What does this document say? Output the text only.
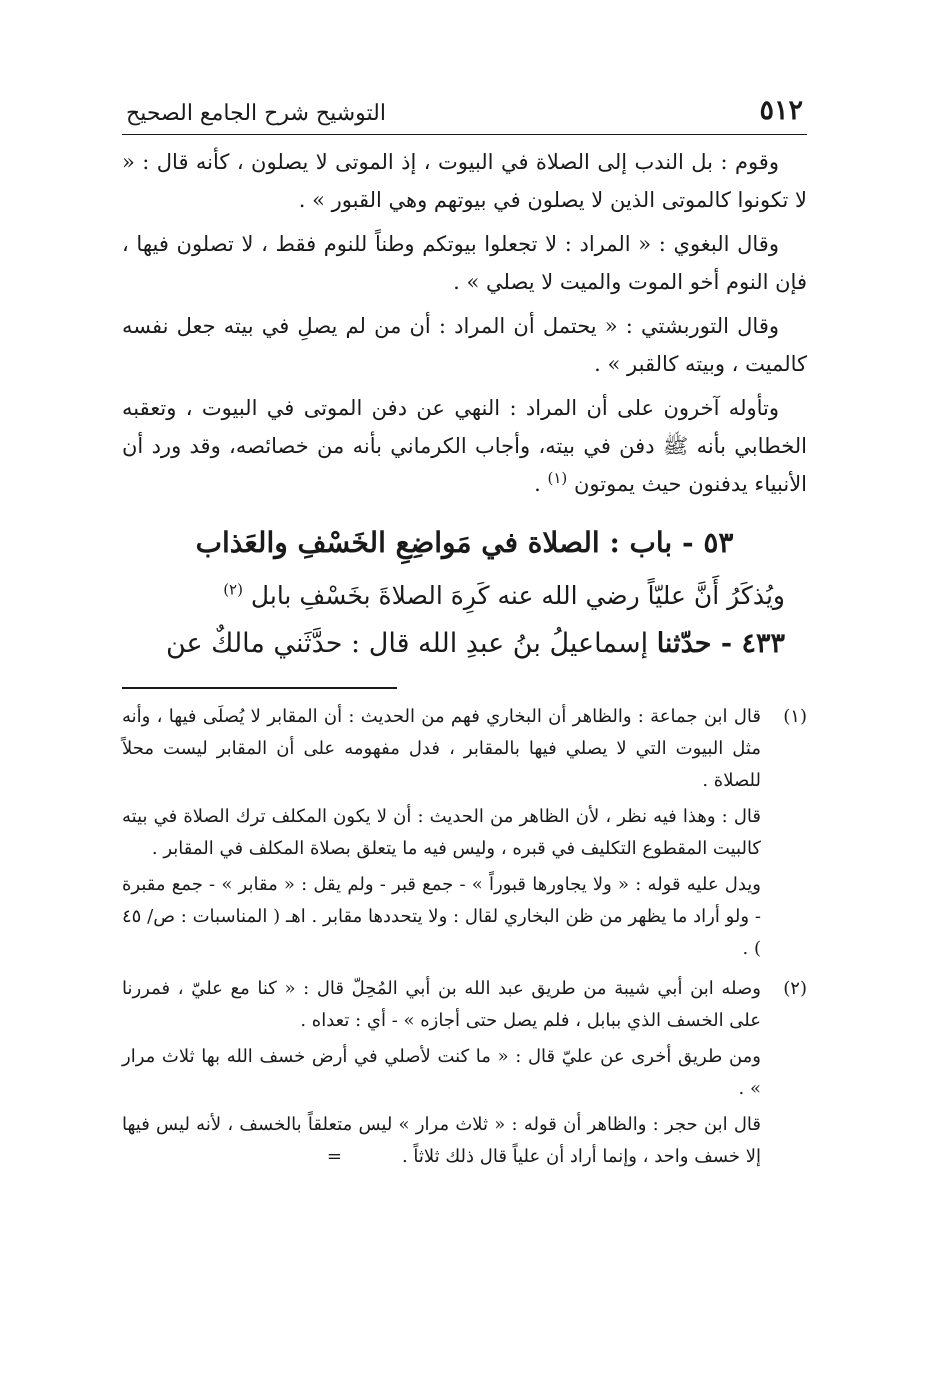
٥١٢
التوشيح شرح الجامع الصحيح

وقوم : بل الندب إلى الصلاة في البيوت ، إذ الموتى لا يصلون ، كأنه قال : « لا تكونوا كالموتى الذين لا يصلون في بيوتهم وهي القبور » .

وقال البغوي : « المراد : لا تجعلوا بيوتكم وطناً للنوم فقط ، لا تصلون فيها ، فإن النوم أخو الموت والميت لا يصلي » .

وقال التوربشتي : « يحتمل أن المراد : أن من لم يصلِ في بيته جعل نفسه كالميت ، وبيته كالقبر » .

وتأوله آخرون على أن المراد : النهي عن دفن الموتى في البيوت ، وتعقبه الخطابي بأنه ﷺ دفن في بيته، وأجاب الكرماني بأنه من خصائصه، وقد ورد أن الأنبياء يدفنون حيث يموتون $^{(١)}$ .

٥٣ - باب : الصلاة في مَواضِعِ الخَسْفِ والعَذاب

ويُذكَرُ أَنَّ عليّاً رضي الله عنه كَرِهَ الصلاةَ بخَسْفِ بابل $^{(٢)}$

٤٣٣ - حدّثنا إسماعيلُ بنُ عبدِ الله قال : حدَّثَني مالكٌ عن

(١)

قال ابن جماعة : والظاهر أن البخاري فهم من الحديث : أن المقابر لا يُصلَى فيها ، وأنه مثل البيوت التي لا يصلي فيها بالمقابر ، فدل مفهومه على أن المقابر ليست محلاً للصلاة .

قال : وهذا فيه نظر ، لأن الظاهر من الحديث : أن لا يكون المكلف ترك الصلاة في بيته كالبيت المقطوع التكليف في قبره ، وليس فيه ما يتعلق بصلاة المكلف في المقابر .

ويدل عليه قوله : « ولا يجاورها قبوراً » - جمع قبر - ولم يقل : « مقابر » - جمع مقبرة - ولو أراد ما يظهر من ظن البخاري لقال : ولا يتحددها مقابر . اهـ ( المناسبات : ص/ ٤٥ ) .

(٢)

وصله ابن أبي شيبة من طريق عبد الله بن أبي المُحِلّ قال : « كنا مع عليّ ، فمررنا على الخسف الذي ببابل ، فلم يصل حتى أجازه » - أي : تعداه .

ومن طريق أخرى عن عليّ قال : « ما كنت لأصلي في أرض خسف الله بها ثلاث مرار » .

قال ابن حجر : والظاهر أن قوله : « ثلاث مرار » ليس متعلقاً بالخسف ، لأنه ليس فيها إلا خسف واحد ، وإنما أراد أن علياً قال ذلك ثلاثاً .=
